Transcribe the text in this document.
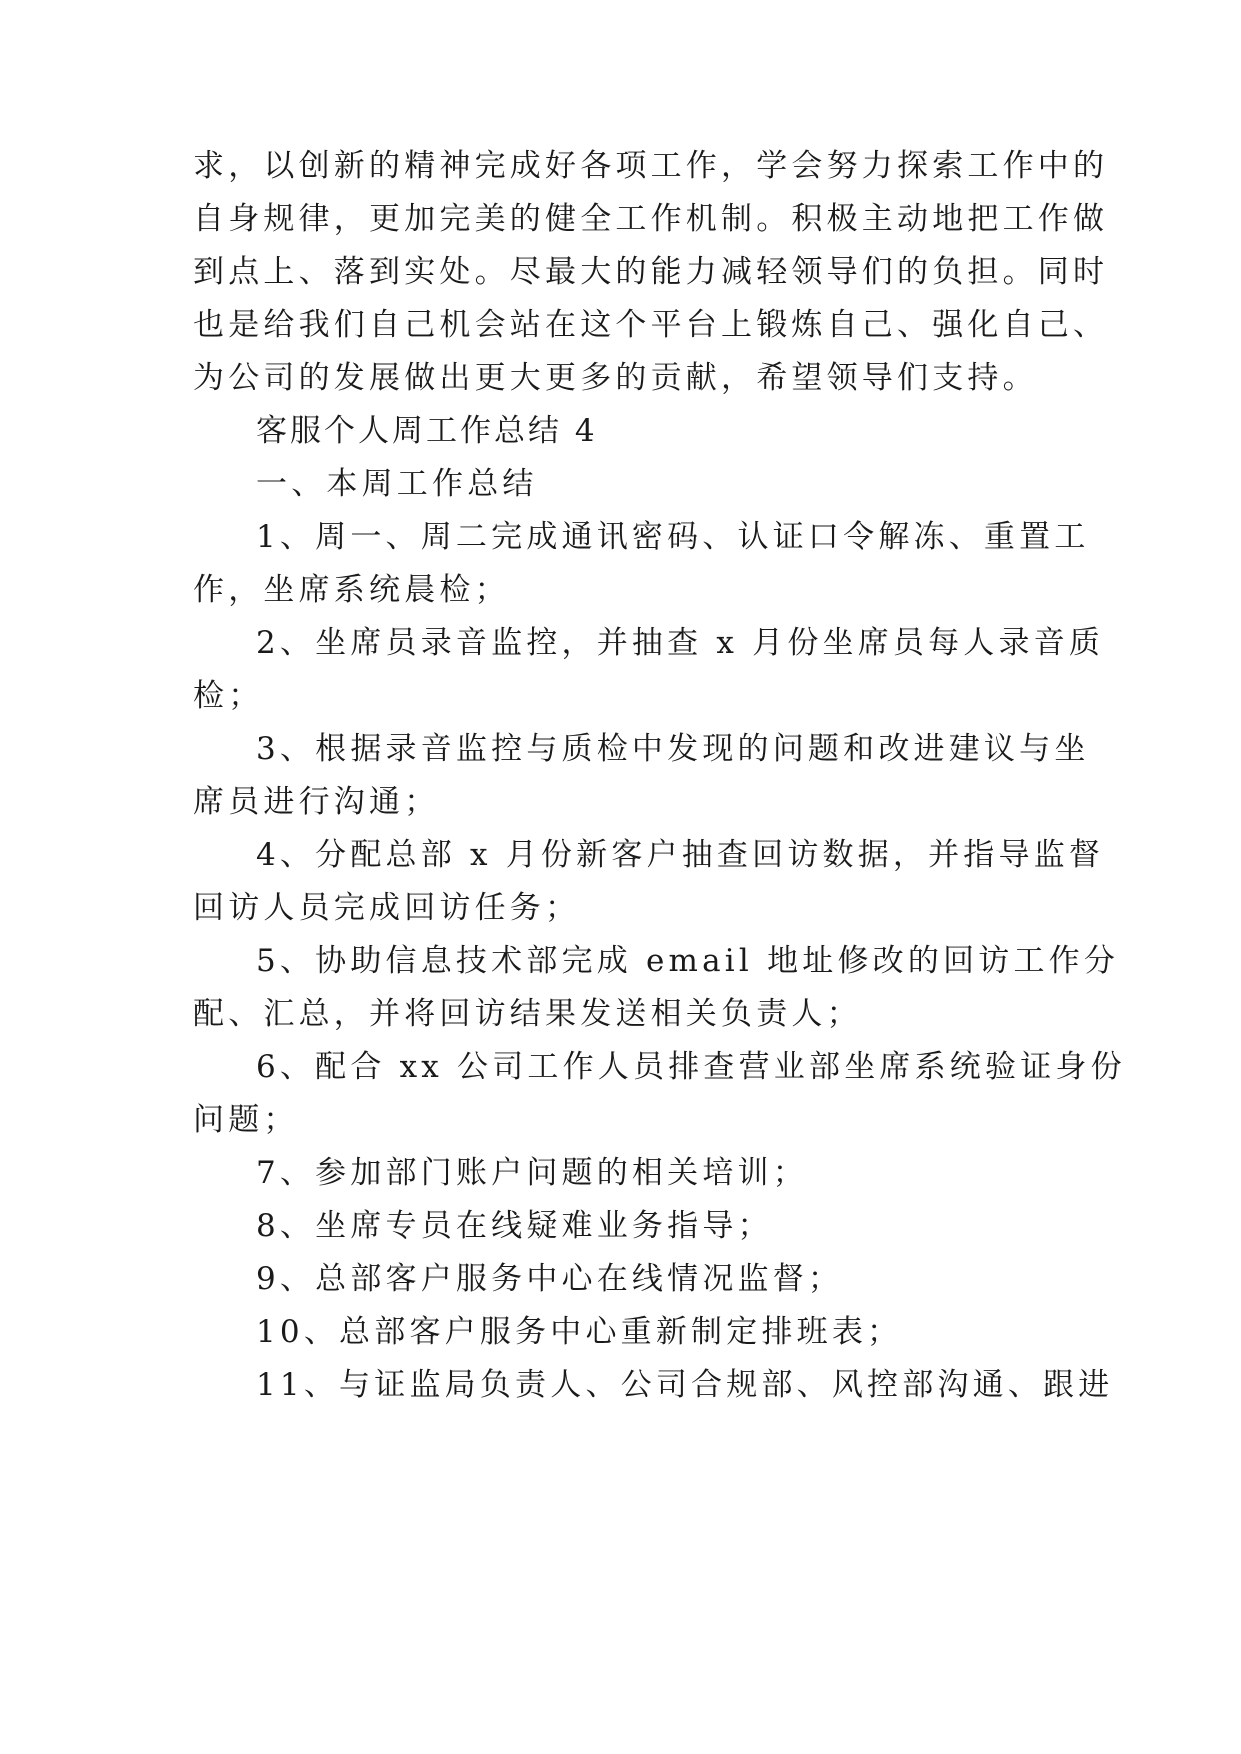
求，以创新的精神完成好各项工作，学会努力探索工作中的
自身规律，更加完美的健全工作机制。积极主动地把工作做
到点上、落到实处。尽最大的能力减轻领导们的负担。同时
也是给我们自己机会站在这个平台上锻炼自己、强化自己、
为公司的发展做出更大更多的贡献，希望领导们支持。
客服个人周工作总结 4
一、本周工作总结
1、周一、周二完成通讯密码、认证口令解冻、重置工
作，坐席系统晨检；
2、坐席员录音监控，并抽查 x 月份坐席员每人录音质
检；
3、根据录音监控与质检中发现的问题和改进建议与坐
席员进行沟通；
4、分配总部 x 月份新客户抽查回访数据，并指导监督
回访人员完成回访任务；
5、协助信息技术部完成 email 地址修改的回访工作分
配、汇总，并将回访结果发送相关负责人；
6、配合 xx 公司工作人员排查营业部坐席系统验证身份
问题；
7、参加部门账户问题的相关培训；
8、坐席专员在线疑难业务指导；
9、总部客户服务中心在线情况监督；
10、总部客户服务中心重新制定排班表；
11、与证监局负责人、公司合规部、风控部沟通、跟进
